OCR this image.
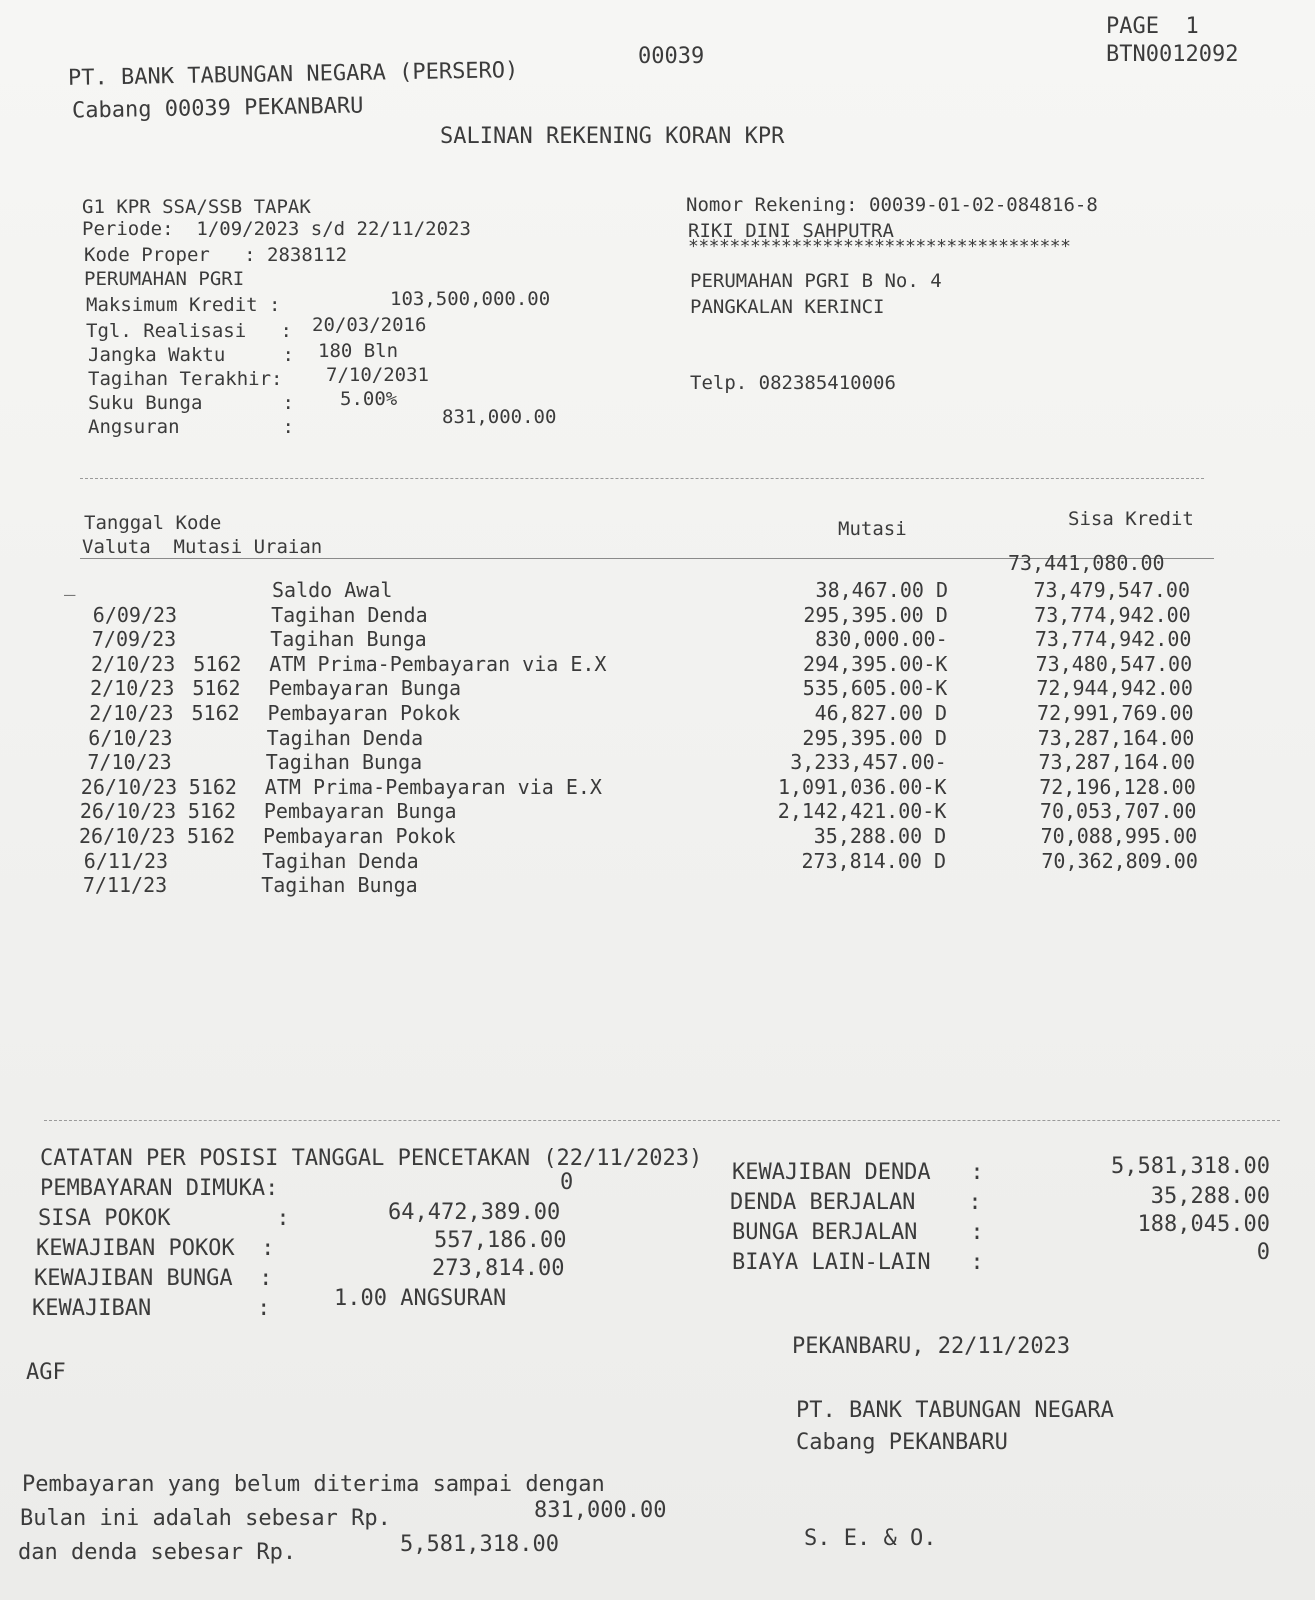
PAGE  1
BTN0012092
00039
PT. BANK TABUNGAN NEGARA (PERSERO)
Cabang 00039 PEKANBARU
SALINAN REKENING KORAN KPR
G1 KPR SSA/SSB TAPAK
Periode:  1/09/2023 s/d 22/11/2023
Kode Proper   : 2838112
PERUMAHAN PGRI
Maksimum Kredit :	103,500,000.00
Tgl. Realisasi   : 20/03/2016
Jangka Waktu     : 180 Bln
Tagihan Terakhir: 7/10/2031
Suku Bunga       : 5.00%
Angsuran         :	831,000.00
Nomor Rekening: 00039-01-02-084816-8
RIKI DINI SAHPUTRA
*************************************
PERUMAHAN PGRI B No. 4
PANGKALAN KERINCI
Telp. 082385410006
Tanggal Kode
Valuta  Mutasi Uraian
Mutasi	Sisa Kredit
73,441,080.00
_	Saldo Awal	38,467.00 D	73,479,547.00
6/09/23	Tagihan Denda	295,395.00 D	73,774,942.00
7/09/23	Tagihan Bunga	830,000.00-	73,774,942.00
2/10/23 5162 ATM Prima-Pembayaran via E.X	294,395.00-K	73,480,547.00
2/10/23 5162 Pembayaran Bunga	535,605.00-K	72,944,942.00
2/10/23 5162 Pembayaran Pokok	46,827.00 D	72,991,769.00
6/10/23	Tagihan Denda	295,395.00 D	73,287,164.00
7/10/23	Tagihan Bunga	3,233,457.00-	73,287,164.00
26/10/23 5162 ATM Prima-Pembayaran via E.X	1,091,036.00-K	72,196,128.00
26/10/23 5162 Pembayaran Bunga	2,142,421.00-K	70,053,707.00
26/10/23 5162 Pembayaran Pokok	35,288.00 D	70,088,995.00
6/11/23	Tagihan Denda	273,814.00 D	70,362,809.00
7/11/23	Tagihan Bunga
CATATAN PER POSISI TANGGAL PENCETAKAN (22/11/2023)
PEMBAYARAN DIMUKA:	0
SISA POKOK        :	64,472,389.00
KEWAJIBAN POKOK  :	557,186.00
KEWAJIBAN BUNGA  :	273,814.00
KEWAJIBAN        :	1.00 ANGSURAN
KEWAJIBAN DENDA   :	5,581,318.00
DENDA BERJALAN    :	35,288.00
BUNGA BERJALAN    :	188,045.00
BIAYA LAIN-LAIN   :	0
AGF
PEKANBARU, 22/11/2023
PT. BANK TABUNGAN NEGARA
Cabang PEKANBARU
Pembayaran yang belum diterima sampai dengan
Bulan ini adalah sebesar Rp.	831,000.00
dan denda sebesar Rp.	5,581,318.00	S. E. & O.
